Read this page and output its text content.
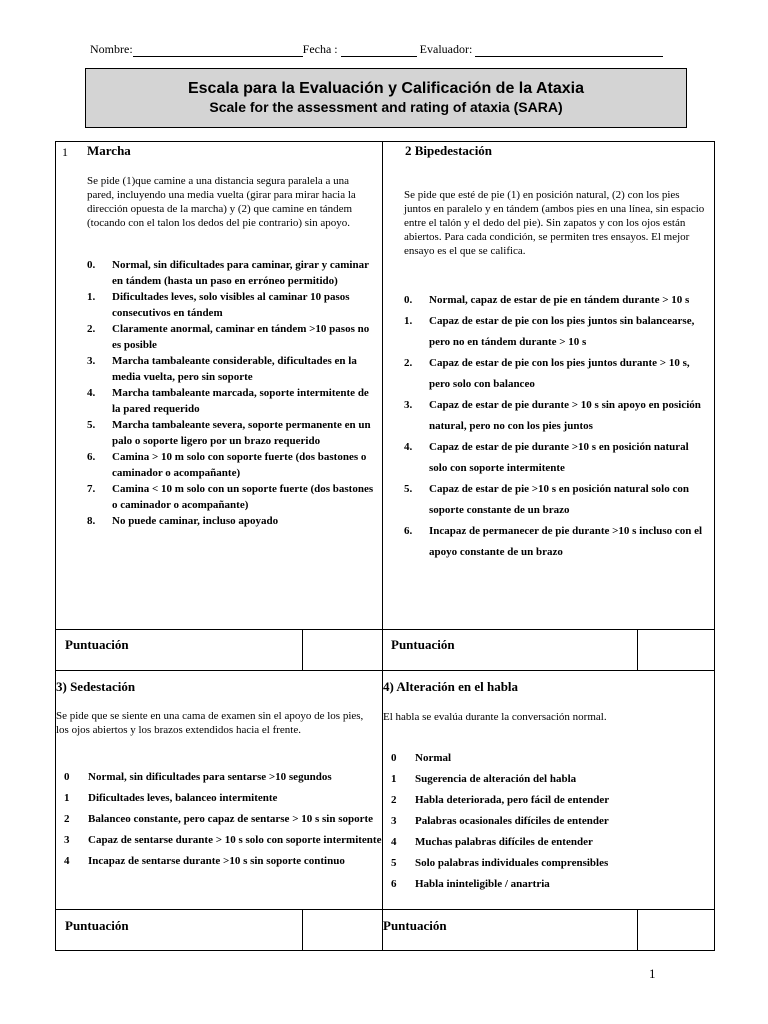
Nombre:	Fecha :	Evaluador:
Escala para la Evaluación y Calificación de la Ataxia
Scale for the assessment and rating of ataxia (SARA)
1 Marcha
Se pide (1)que camine a una distancia segura paralela a una pared, incluyendo una media vuelta (girar para mirar hacia la dirección opuesta de la marcha) y (2) que camine en tándem (tocando con el talon los dedos del pie contrario) sin apoyo.
0. Normal, sin dificultades para caminar, girar y caminar en tándem (hasta un paso en erróneo permitido)
1. Dificultades leves, solo visibles al caminar 10 pasos consecutivos en tándem
2. Claramente anormal, caminar en tándem >10 pasos no es posible
3. Marcha tambaleante considerable, dificultades en la media vuelta, pero sin soporte
4. Marcha tambaleante marcada, soporte intermitente de la pared requerido
5. Marcha tambaleante severa, soporte permanente en un palo o soporte ligero por un brazo requerido
6. Camina > 10 m solo con soporte fuerte (dos bastones o caminador o acompañante)
7. Camina < 10 m solo con un soporte fuerte (dos bastones o caminador o acompañante)
8. No puede caminar, incluso apoyado
2 Bipedestación
Se pide que esté de pie (1) en posición natural, (2) con los pies juntos en paralelo y en tándem (ambos pies en una línea, sin espacio entre el talón y el dedo del pie). Sin zapatos y con los ojos están abiertos. Para cada condición, se permiten tres ensayos. El mejor ensayo es el que se califica.
0. Normal, capaz de estar de pie en tándem durante > 10 s
1. Capaz de estar de pie con los pies juntos sin balancearse, pero no en tándem durante > 10 s
2. Capaz de estar de pie con los pies juntos durante > 10 s, pero solo con balanceo
3. Capaz de estar de pie durante > 10 s sin apoyo en posición natural, pero no con los pies juntos
4. Capaz de estar de pie durante >10 s en posición natural solo con soporte intermitente
5. Capaz de estar de pie >10 s en posición natural solo con soporte constante de un brazo
6. Incapaz de permanecer de pie durante >10 s incluso con el apoyo constante de un brazo
Puntuación	Puntuación
3) Sedestación
Se pide que se siente en una cama de examen sin el apoyo de los pies, los ojos abiertos y los brazos extendidos hacia el frente.
0 Normal, sin dificultades para sentarse >10 segundos
1 Dificultades leves, balanceo intermitente
2 Balanceo constante, pero capaz de sentarse > 10 s sin soporte
3 Capaz de sentarse durante > 10 s solo con soporte intermitente
4 Incapaz de sentarse durante >10 s sin soporte continuo
4) Alteración en el habla
El habla se evalúa durante la conversación normal.
0 Normal
1 Sugerencia de alteración del habla
2 Habla deteriorada, pero fácil de entender
3 Palabras ocasionales difíciles de entender
4 Muchas palabras difíciles de entender
5 Solo palabras individuales comprensibles
6 Habla ininteligible / anartria
Puntuación	Puntuación
1
